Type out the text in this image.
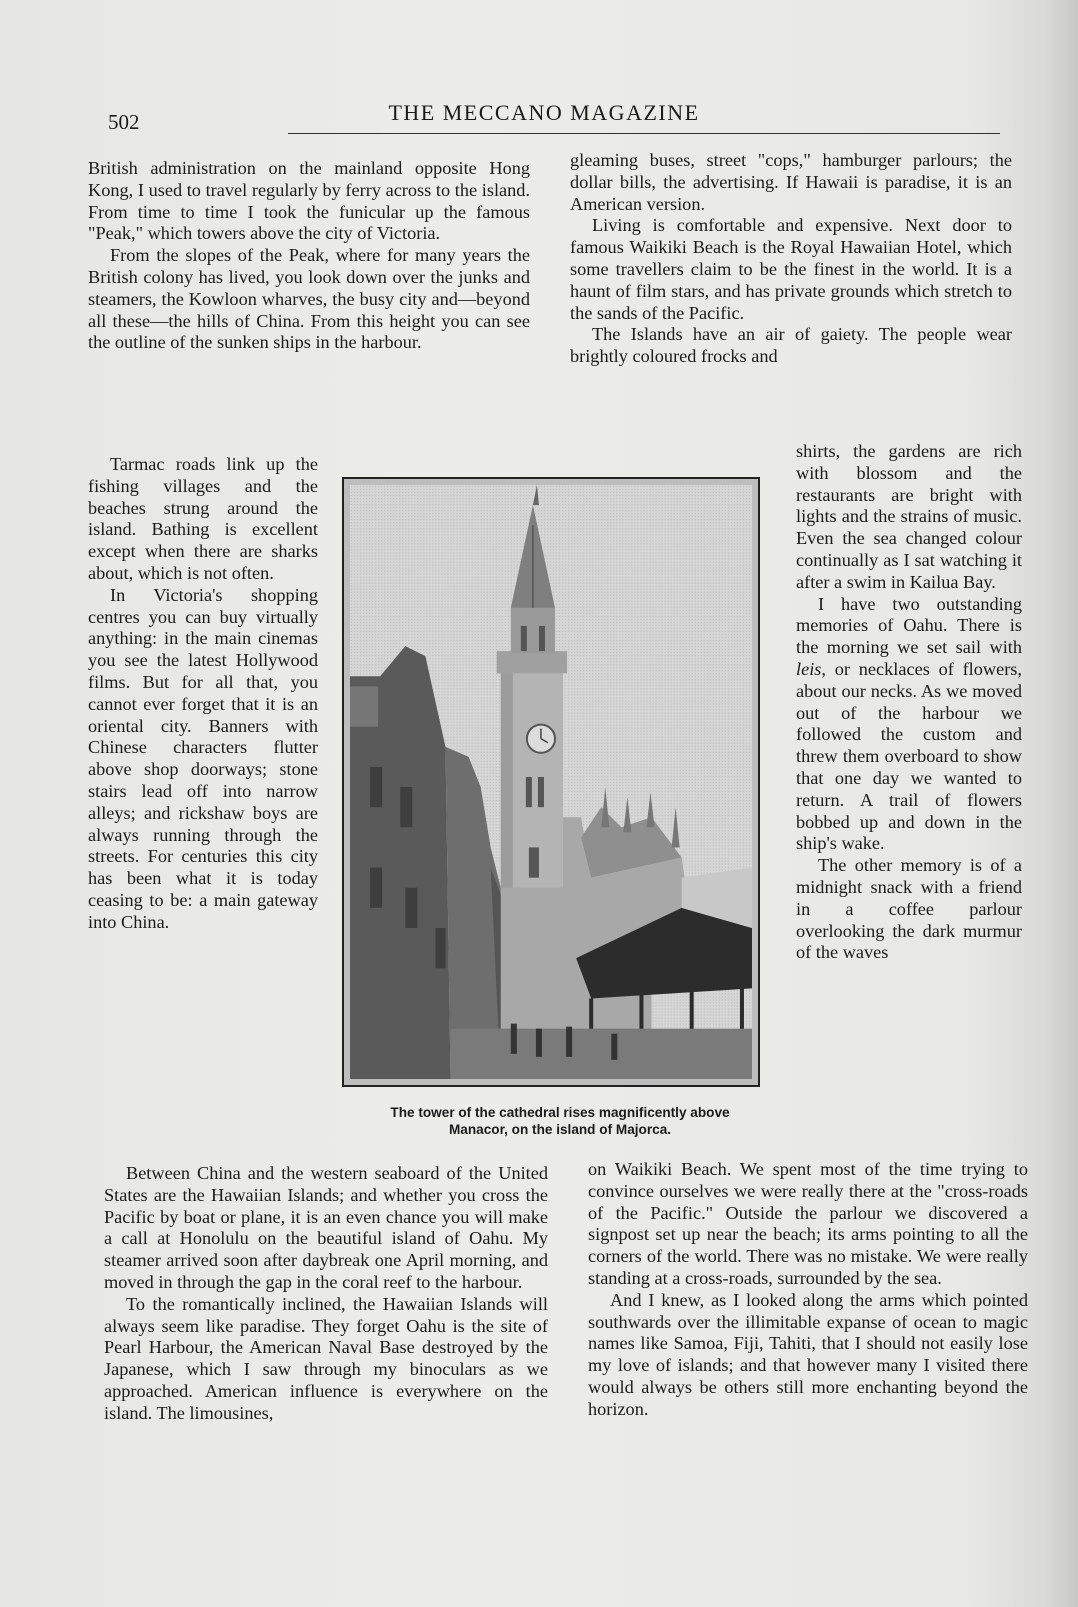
502	THE MECCANO MAGAZINE

British administration on the mainland opposite Hong Kong, I used to travel regularly by ferry across to the island. From time to time I took the funicular up the famous "Peak," which towers above the city of Victoria.

From the slopes of the Peak, where for many years the British colony has lived, you look down over the junks and steamers, the Kowloon wharves, the busy city and—beyond all these—the hills of China. From this height you can see the outline of the sunken ships in the harbour.

Tarmac roads link up the fishing villages and the beaches strung around the island. Bathing is excellent except when there are sharks about, which is not often.

In Victoria's shopping centres you can buy virtually anything: in the main cinemas you see the latest Hollywood films. But for all that, you cannot ever forget that it is an oriental city. Banners with Chinese characters flutter above shop doorways; stone stairs lead off into narrow alleys; and rickshaw boys are always running through the streets. For centuries this city has been what it is today ceasing to be: a main gateway into China.

Between China and the western seaboard of the United States are the Hawaiian Islands; and whether you cross the Pacific by boat or plane, it is an even chance you will make a call at Honolulu on the beautiful island of Oahu. My steamer arrived soon after daybreak one April morning, and moved in through the gap in the coral reef to the harbour.

To the romantically inclined, the Hawaiian Islands will always seem like paradise. They forget Oahu is the site of Pearl Harbour, the American Naval Base destroyed by the Japanese, which I saw through my binoculars as we approached. American influence is everywhere on the island. The limousines,

gleaming buses, street "cops," hamburger parlours; the dollar bills, the advertising. If Hawaii is paradise, it is an American version.

Living is comfortable and expensive. Next door to famous Waikiki Beach is the Royal Hawaiian Hotel, which some travellers claim to be the finest in the world. It is a haunt of film stars, and has private grounds which stretch to the sands of the Pacific.

The Islands have an air of gaiety. The people wear brightly coloured frocks and

shirts, the gardens are rich with blossom and the restaurants are bright with lights and the strains of music. Even the sea changed colour continually as I sat watching it after a swim in Kailua Bay.

I have two outstanding memories of Oahu. There is the morning we set sail with leis, or necklaces of flowers, about our necks. As we moved out of the harbour we followed the custom and threw them overboard to show that one day we wanted to return. A trail of flowers bobbed up and down in the ship's wake.

The other memory is of a midnight snack with a friend in a coffee parlour overlooking the dark murmur of the waves

on Waikiki Beach. We spent most of the time trying to convince ourselves we were really there at the "cross-roads of the Pacific." Outside the parlour we discovered a signpost set up near the beach; its arms pointing to all the corners of the world. There was no mistake. We were really standing at a cross-roads, surrounded by the sea.

And I knew, as I looked along the arms which pointed southwards over the illimitable expanse of ocean to magic names like Samoa, Fiji, Tahiti, that I should not easily lose my love of islands; and that however many I visited there would always be others still more enchanting beyond the horizon.

The tower of the cathedral rises magnificently above
Manacor, on the island of Majorca.
